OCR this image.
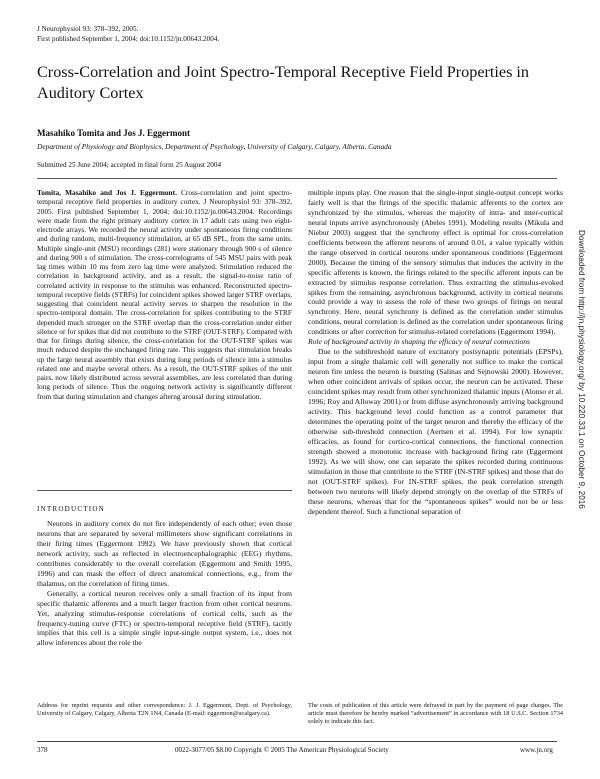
J Neurophysiol 93: 378–392, 2005.
First published September 1, 2004; doi:10.1152/jn.00643.2004.
Cross-Correlation and Joint Spectro-Temporal Receptive Field Properties in Auditory Cortex
Masahiko Tomita and Jos J. Eggermont
Department of Physiology and Biophysics, Department of Psychology, University of Calgary, Calgary, Alberta, Canada
Submitted 25 June 2004; accepted in final form 25 August 2004

Tomita, Masahiko and Jos J. Eggermont. Cross-correlation and joint spectro-temporal receptive field properties in auditory cortex. J Neurophysiol 93: 378–392, 2005. First published September 1, 2004; doi:10.1152/jn.00643.2004. Recordings were made from the right primary auditory cortex in 17 adult cats using two eight-electrode arrays. We recorded the neural activity under spontaneous firing conditions and during random, multi-frequency stimulation, at 65 dB SPL, from the same units. Multiple single-unit (MSU) recordings (281) were stationary through 900 s of silence and during 900 s of stimulation. The cross-correlograms of 545 MSU pairs with peak lag times within 10 ms from zero lag time were analyzed. Stimulation reduced the correlation in background activity, and as a result, the signal-to-noise ratio of correlated activity in response to the stimulus was enhanced. Reconstructed spectro-temporal receptive fields (STRFs) for coincident spikes showed larger STRF overlaps, suggesting that coincident neural activity serves to sharpen the resolution in the spectro-temporal domain. The cross-correlation for spikes contributing to the STRF depended much stronger on the STRF overlap than the cross-correlation under either silence or for spikes that did not contribute to the STRF (OUT-STRF). Compared with that for firings during silence, the cross-correlation for the OUT-STRF spikes was much reduced despite the unchanged firing rate. This suggests that stimulation breaks up the large neural assembly that exists during long periods of silence into a stimulus related one and maybe several others. As a result, the OUT-STRF spikes of the unit pairs, now likely distributed across several assemblies, are less correlated than during long periods of silence. Thus the ongoing network activity is significantly different from that during stimulation and changes afterng arousal during stimulation.

INTRODUCTION

Neurons in auditory cortex do not fire independently of each other; even those neurons that are separated by several millimeters show significant correlations in their firing times (Eggermont 1992). We have previously shown that cortical network activity, such as reflected in electroencephalographic (EEG) rhythms, contributes considerably to the overall correlation (Eggermont and Smith 1995, 1996) and can mask the effect of direct anatomical connections, e.g., from the thalamus, on the correlation of firing times.

Generally, a cortical neuron receives only a small fraction of its input from specific thalamic afferents and a much larger fraction from other cortical neurons. Yet, analyzing stimulus-response correlations of cortical cells, such as the frequency-tuning curve (FTC) or spectro-temporal receptive field (STRF), tacitly implies that this cell is a simple single input-single output system, i.e., does not allow inferences about the role the

multiple inputs play. One reason that the single-input single-output concept works fairly well is that the firings of the specific thalamic afferents to the cortex are synchronized by the stimulus, whereas the majority of intra- and inter-cortical neural inputs arrive asynchronously (Abeles 1991). Modeling results (Mikula and Niebur 2003) suggest that the synchrony effect is optimal for cross-correlation coefficients between the afferent neurons of around 0.01, a value typically within the range observed in cortical neurons under spontaneous conditions (Eggermont 2000). Because the timing of the sensory stimulus that induces the activity in the specific afferents is known, the firings related to the specific afferent inputs can be extracted by stimulus response correlation. Thus extracting the stimulus-evoked spikes from the remaining, asynchronous background, activity in cortical neurons could provide a way to assess the role of these two groups of firings on neural synchrony. Here, neural synchrony is defined as the correlation under stimulus conditions, neural correlation is defined as the correlation under spontaneous firing conditions or after correction for stimulus-related correlations (Eggermont 1994).

Role of background activity in shaping the efficacy of neural connections

Due to the subthreshold nature of excitatory postsynaptic potentials (EPSPs), input from a single thalamic cell will generally not suffice to make the cortical neuron fire unless the neuron is bursting (Salinas and Sejnowski 2000). However, when other coincident arrivals of spikes occur, the neuron can be activated. These coincident spikes may result from other synchronized thalamic inputs (Alonso et al. 1996; Roy and Alloway 2001) or from diffuse asynchronously arriving background activity. This background level could function as a control parameter that determines the operating point of the target neuron and thereby the efficacy of the otherwise sub-threshold connection (Aertsen et al. 1994). For low synaptic efficacies, as found for cortico-cortical connections, the functional connection strength showed a monotonic increase with background firing rate (Eggermont 1992). As we will show, one can separate the spikes recorded during continuous stimulation in those that contribute to the STRF (IN-STRF spikes) and those that do not (OUT-STRF spikes). For IN-STRF spikes, the peak correlation strength between two neurons will likely depend strongly on the overlap of the STRFs of these neurons, whereas that for the “spontaneous spikes” would not be or less dependent thereof. Such a functional separation of

Address for reprint requests and other correspondence: J. J. Eggermont, Dept. of Psychology, University of Calgary, Calgary, Alberta T2N 1N4, Canada (E-mail: eggermon@ucalgary.ca).
The costs of publication of this article were defrayed in part by the payment of page charges. The article must therefore be hereby marked “advertisement” in accordance with 18 U.S.C. Section 1734 solely to indicate this fact.
378	0022-3077/05 $8.00 Copyright © 2005 The American Physiological Society	www.jn.org
Downloaded from http://jn.physiology.org/ by 10.220.33.1 on October 9, 2016
